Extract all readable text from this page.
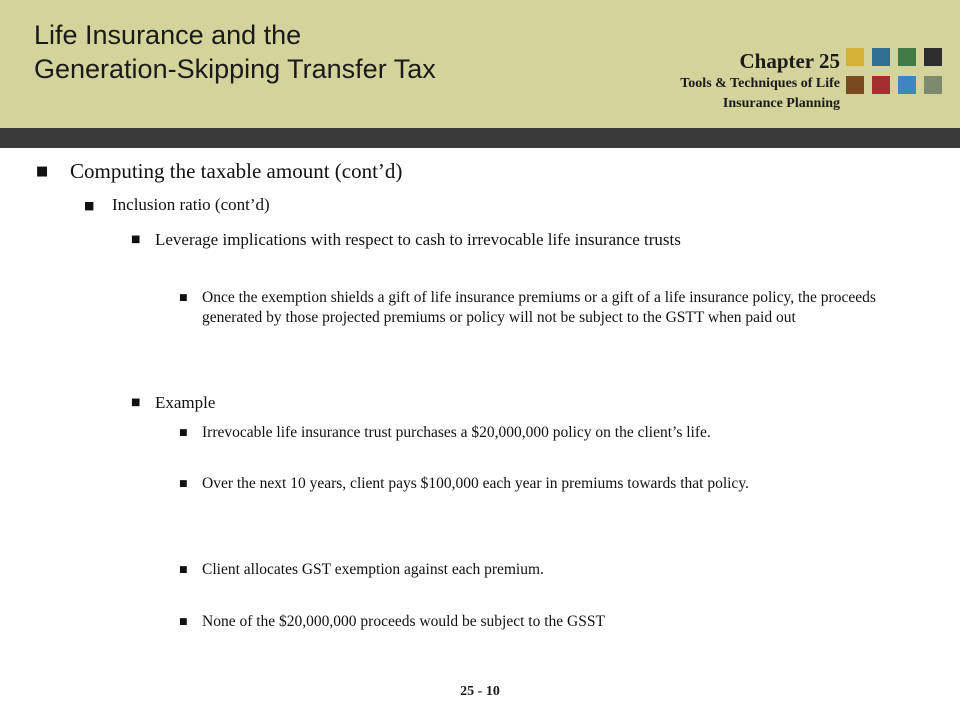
Life Insurance and the
Generation-Skipping Transfer Tax	Chapter 25
Tools & Techniques of Life
Insurance Planning
■ Computing the taxable amount (cont’d)
■ Inclusion ratio (cont’d)
■ Leverage implications with respect to cash to irrevocable life insurance trusts
■ Once the exemption shields a gift of life insurance premiums or a gift of a life insurance policy, the proceeds generated by those projected premiums or policy will not be subject to the GSTT when paid out
■ Example
■ Irrevocable life insurance trust purchases a $20,000,000 policy on the client’s life.
■ Over the next 10 years, client pays $100,000 each year in premiums towards that policy.
■ Client allocates GST exemption against each premium.
■ None of the $20,000,000 proceeds would be subject to the GSST
25 - 10
